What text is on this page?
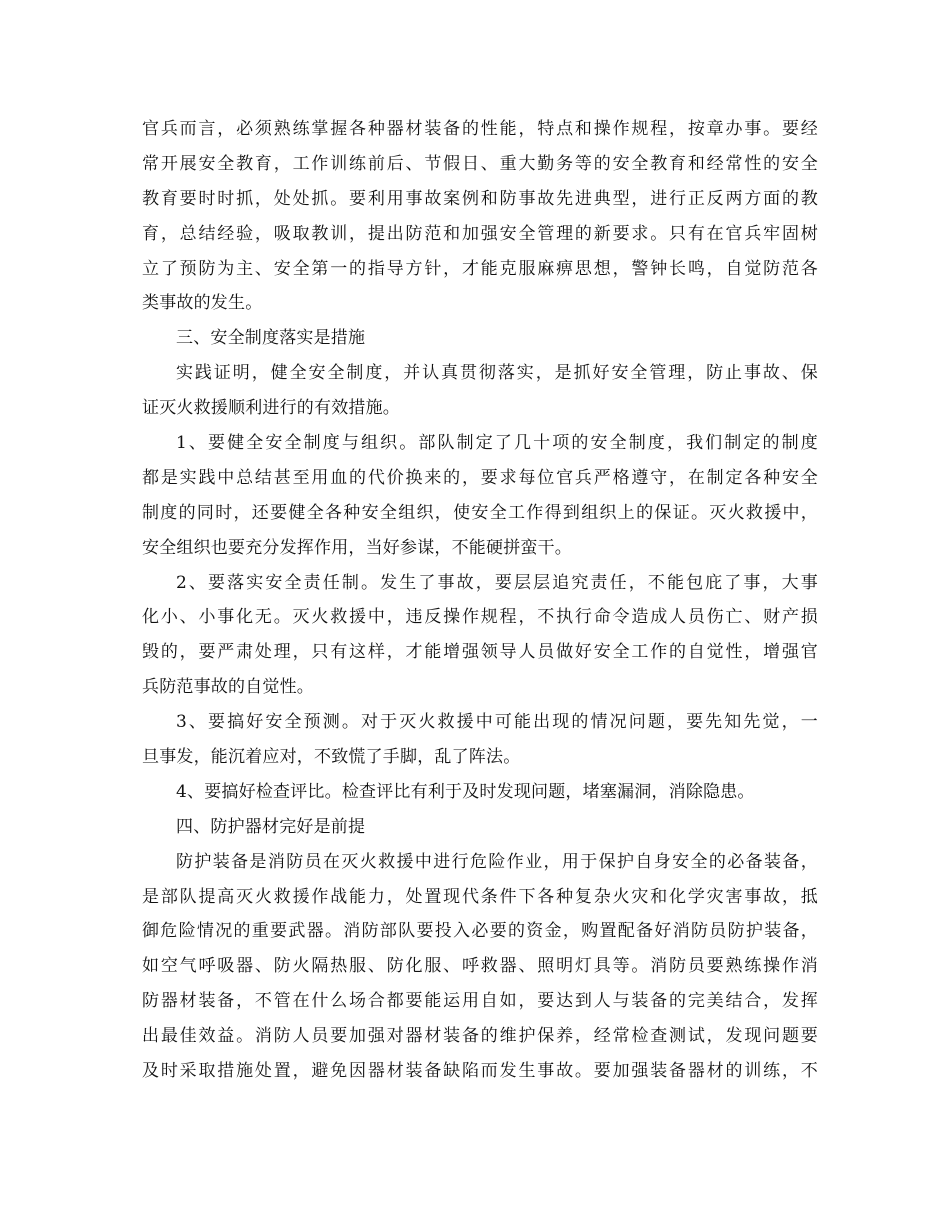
官兵而言，必须熟练掌握各种器材装备的性能，特点和操作规程，按章办事。要经
常开展安全教育，工作训练前后、节假日、重大勤务等的安全教育和经常性的安全
教育要时时抓，处处抓。要利用事故案例和防事故先进典型，进行正反两方面的教
育，总结经验，吸取教训，提出防范和加强安全管理的新要求。只有在官兵牢固树
立了预防为主、安全第一的指导方针，才能克服麻痹思想，警钟长鸣，自觉防范各
类事故的发生。
三、安全制度落实是措施
实践证明，健全安全制度，并认真贯彻落实，是抓好安全管理，防止事故、保
证灭火救援顺利进行的有效措施。
1、要健全安全制度与组织。部队制定了几十项的安全制度，我们制定的制度
都是实践中总结甚至用血的代价换来的，要求每位官兵严格遵守，在制定各种安全
制度的同时，还要健全各种安全组织，使安全工作得到组织上的保证。灭火救援中，
安全组织也要充分发挥作用，当好参谋，不能硬拼蛮干。
2、要落实安全责任制。发生了事故，要层层追究责任，不能包庇了事，大事
化小、小事化无。灭火救援中，违反操作规程，不执行命令造成人员伤亡、财产损
毁的，要严肃处理，只有这样，才能增强领导人员做好安全工作的自觉性，增强官
兵防范事故的自觉性。
3、要搞好安全预测。对于灭火救援中可能出现的情况问题，要先知先觉，一
旦事发，能沉着应对，不致慌了手脚，乱了阵法。
4、要搞好检查评比。检查评比有利于及时发现问题，堵塞漏洞，消除隐患。
四、防护器材完好是前提
防护装备是消防员在灭火救援中进行危险作业，用于保护自身安全的必备装备，
是部队提高灭火救援作战能力，处置现代条件下各种复杂火灾和化学灾害事故，抵
御危险情况的重要武器。消防部队要投入必要的资金，购置配备好消防员防护装备，
如空气呼吸器、防火隔热服、防化服、呼救器、照明灯具等。消防员要熟练操作消
防器材装备，不管在什么场合都要能运用自如，要达到人与装备的完美结合，发挥
出最佳效益。消防人员要加强对器材装备的维护保养，经常检查测试，发现问题要
及时采取措施处置，避免因器材装备缺陷而发生事故。要加强装备器材的训练，不
